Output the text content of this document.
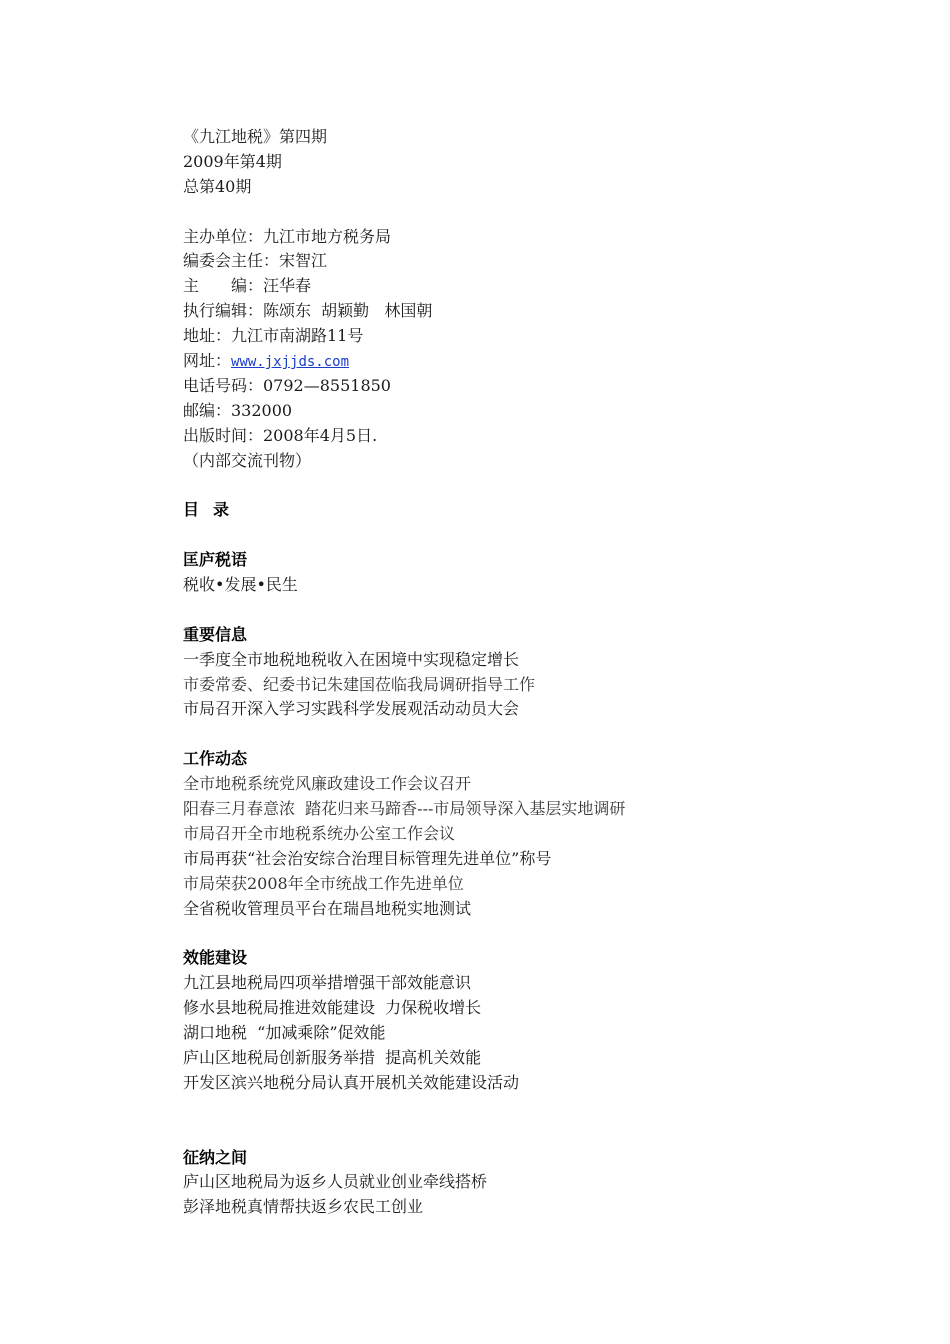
《九江地税》第四期
2009年第4期
总第40期
主办单位：九江市地方税务局
编委会主任：宋智江
主　　编：汪华春
执行编辑：陈颂东  胡颖勤   林国朝
地址：九江市南湖路11号
网址：www.jxjjds.com
电话号码：0792—8551850
邮编：332000
出版时间：2008年4月5日.
（内部交流刊物）
目录
匡庐税语
税收•发展•民生
重要信息
一季度全市地税地税收入在困境中实现稳定增长
市委常委、纪委书记朱建国莅临我局调研指导工作
市局召开深入学习实践科学发展观活动动员大会
工作动态
全市地税系统党风廉政建设工作会议召开
阳春三月春意浓  踏花归来马蹄香---市局领导深入基层实地调研
市局召开全市地税系统办公室工作会议
市局再获“社会治安综合治理目标管理先进单位”称号
市局荣获2008年全市统战工作先进单位
全省税收管理员平台在瑞昌地税实地测试
效能建设
九江县地税局四项举措增强干部效能意识
修水县地税局推进效能建设  力保税收增长
湖口地税  “加减乘除”促效能
庐山区地税局创新服务举措  提高机关效能
开发区滨兴地税分局认真开展机关效能建设活动
征纳之间
庐山区地税局为返乡人员就业创业牵线搭桥
彭泽地税真情帮扶返乡农民工创业
